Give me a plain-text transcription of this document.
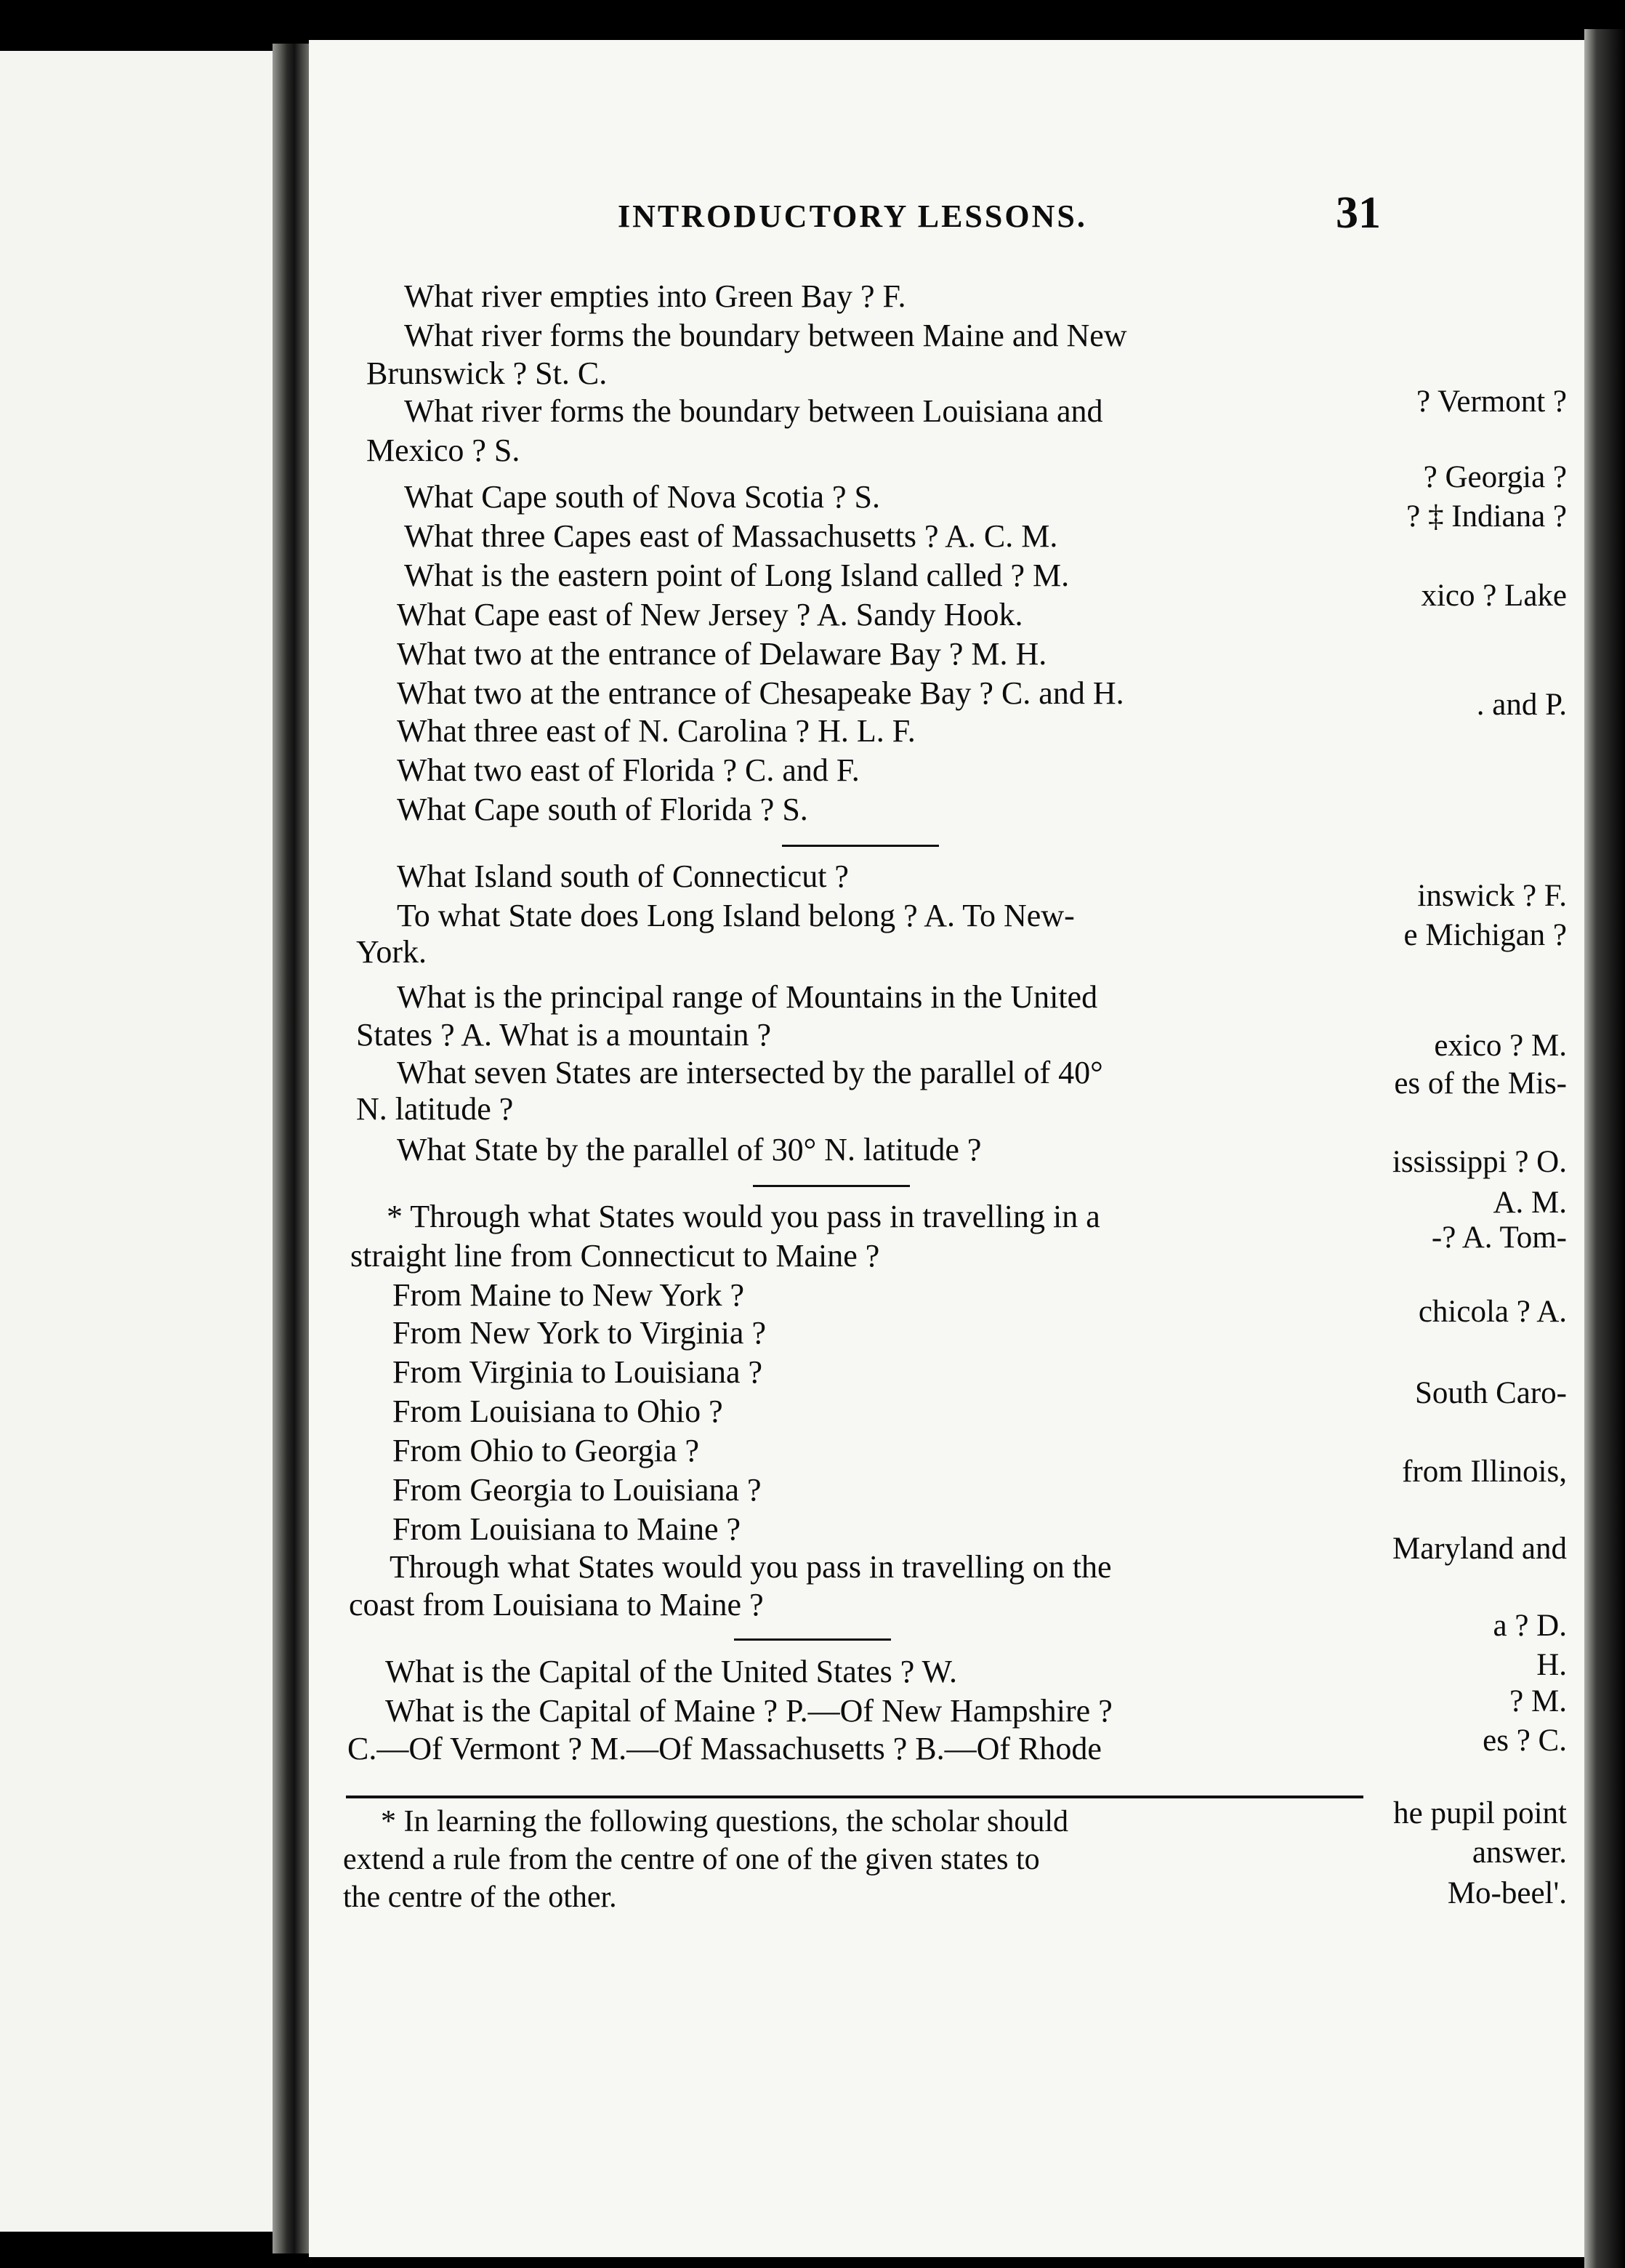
? Vermont ?
? Georgia ?
? ‡ Indiana ?
xico ? Lake
. and P.
inswick ? F.
e Michigan ?
exico ? M.
es of the Mis-
ississippi ? O.
A. M.
-? A. Tom-
chicola ? A.
South Caro-
from Illinois,
Maryland and
a ? D.
H.
? M.
es ? C.
he pupil point
answer.
Mo-beel'.
INTRODUCTORY LESSONS.	31
What river empties into Green Bay ? F.
What river forms the boundary between Maine and New
Brunswick ? St. C.
What river forms the boundary between Louisiana and
Mexico ? S.
What Cape south of Nova Scotia ? S.
What three Capes east of Massachusetts ? A. C. M.
What is the eastern point of Long Island called ? M.
What Cape east of New Jersey ? A. Sandy Hook.
What two at the entrance of Delaware Bay ? M. H.
What two at the entrance of Chesapeake Bay ? C. and H.
What three east of N. Carolina ? H. L. F.
What two east of Florida ? C. and F.
What Cape south of Florida ? S.
What Island south of Connecticut ?
To what State does Long Island belong ? A. To New-
York.
What is the principal range of Mountains in the United
States ? A. What is a mountain ?
What seven States are intersected by the parallel of 40°
N. latitude ?
What State by the parallel of 30° N. latitude ?
* Through what States would you pass in travelling in a
straight line from Connecticut to Maine ?
From Maine to New York ?
From New York to Virginia ?
From Virginia to Louisiana ?
From Louisiana to Ohio ?
From Ohio to Georgia ?
From Georgia to Louisiana ?
From Louisiana to Maine ?
Through what States would you pass in travelling on the
coast from Louisiana to Maine ?
What is the Capital of the United States ? W.
What is the Capital of Maine ? P.—Of New Hampshire ?
C.—Of Vermont ? M.—Of Massachusetts ? B.—Of Rhode
* In learning the following questions, the scholar should
extend a rule from the centre of one of the given states to
the centre of the other.
